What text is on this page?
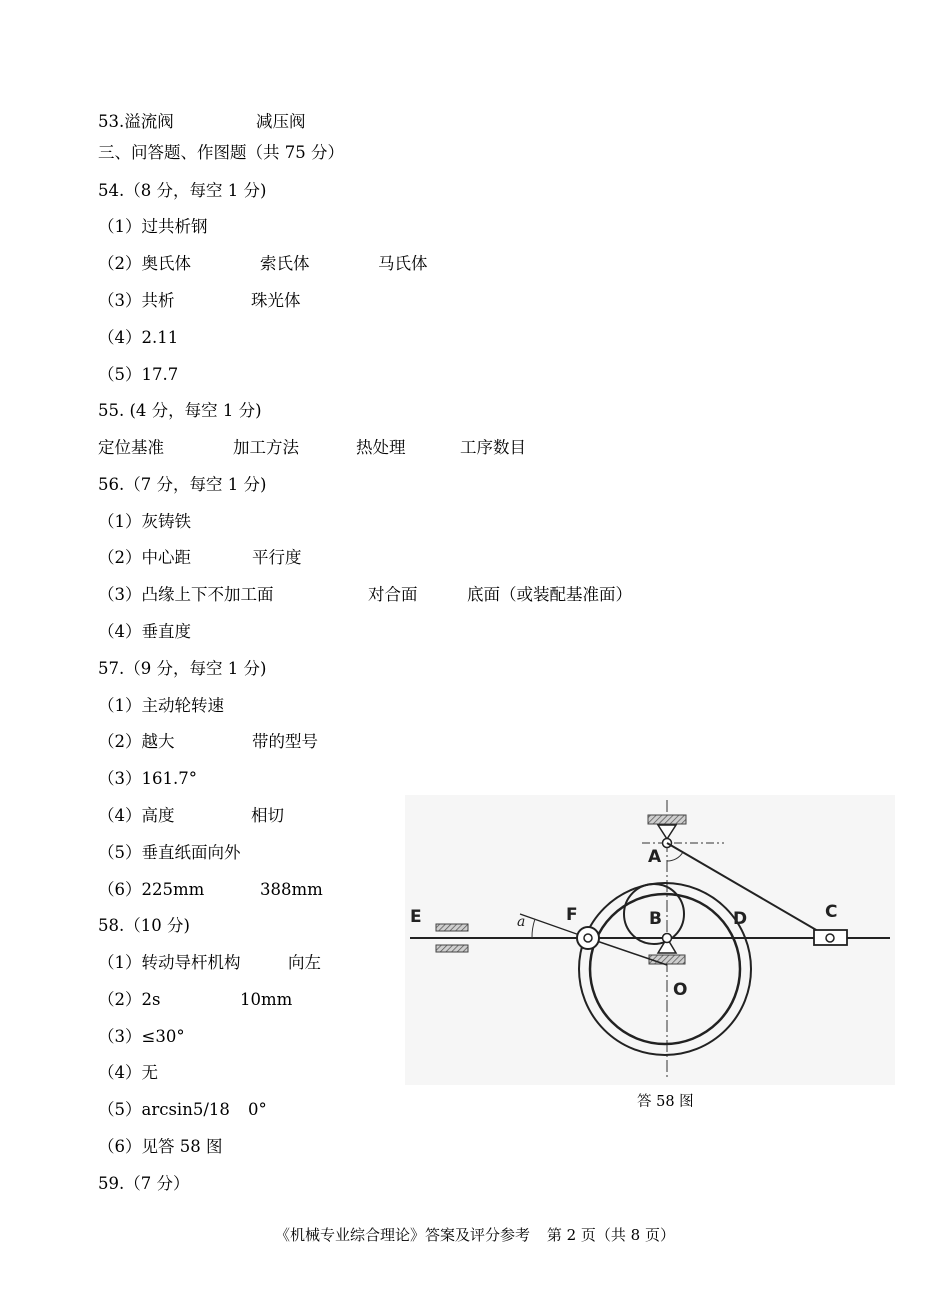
53.溢流阀	减压阀
三、问答题、作图题（共 75 分）
54.（8 分，每空 1 分)
（1）过共析钢
（2）奥氏体	索氏体	马氏体
（3）共析	珠光体
（4）2.11
（5）17.7
55. (4 分，每空 1 分)
定位基准	加工方法	热处理	工序数目
56.（7 分，每空 1 分)
（1）灰铸铁
（2）中心距	平行度
（3）凸缘上下不加工面	对合面	底面（或装配基准面）
（4）垂直度
57.（9 分，每空 1 分)
（1）主动轮转速
（2）越大	带的型号
（3）161.7°
（4）高度	相切
（5）垂直纸面向外
（6）225mm	388mm
58.（10 分)
（1）转动导杆机构	向左
（2）2s	10mm
（3）≤30°
（4）无
（5）arcsin5/18 0°
（6）见答 58 图
59.（7 分）
A
B	C
D
E	F
O
a
答 58 图
《机械专业综合理论》答案及评分参考 第 2 页（共 8 页）
